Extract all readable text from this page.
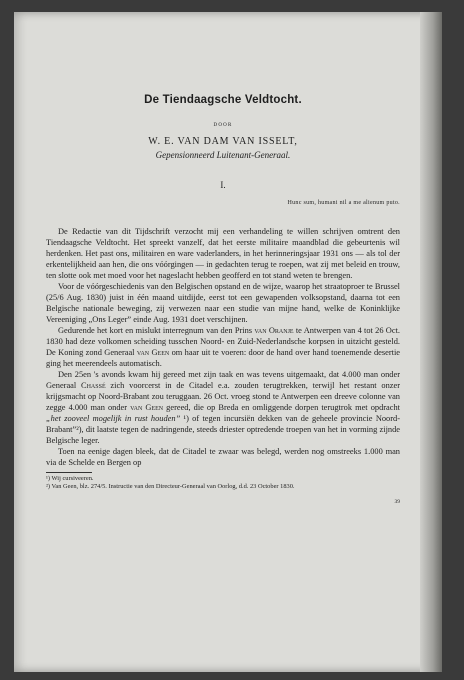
De Tiendaagsche Veldtocht.
DOOR
W. E. VAN DAM VAN ISSELT,
Gepensionneerd Luitenant-Generaal.
I.
Hunc sum, humani nil a me alienum puto.

De Redactie van dit Tijdschrift verzocht mij een verhandeling te willen schrijven omtrent den Tiendaagsche Veldtocht. Het spreekt vanzelf, dat het eerste militaire maandblad die gebeurtenis wil herdenken. Het past ons, militairen en ware vaderlanders, in het herinneringsjaar 1931 ons — als tol der erkentelijkheid aan hen, die ons vóórgingen — in gedachten terug te roepen, wat zij met beleid en trouw, ten slotte ook met moed voor het nageslacht hebben geofferd en tot stand weten te brengen.

Voor de vóórgeschiedenis van den Belgischen opstand en de wijze, waarop het straatoproer te Brussel (25/6 Aug. 1830) juist in één maand uitdijde, eerst tot een gewapenden volksopstand, daarna tot een Belgische nationale beweging, zij verwezen naar een studie van mijne hand, welke de Koninklijke Vereeniging „Ons Leger” einde Aug. 1931 doet verschijnen.

Gedurende het kort en mislukt interregnum van den Prins van Oranje te Antwerpen van 4 tot 26 Oct. 1830 had deze volkomen scheiding tusschen Noord- en Zuid-Nederlandsche korpsen in uitzicht gesteld. De Koning zond Generaal van Geen om haar uit te voeren: door de hand over hand toenemende desertie ging het meerendeels automatisch.

Den 25en 's avonds kwam hij gereed met zijn taak en was tevens uitgemaakt, dat 4.000 man onder Generaal Chassé zich voorcerst in de Citadel e.a. zouden terugtrekken, terwijl het restant onzer krijgsmacht op Noord-Brabant zou teruggaan. 26 Oct. vroeg stond te Antwerpen een dreeve colonne van zegge 4.000 man onder van Geen gereed, die op Breda en omliggende dorpen terugtrok met opdracht „het zooveel mogelijk in rust houden” ¹) of tegen incursiën dekken van de geheele provincie Noord-Brabant”²), dit laatste tegen de nadringende, steeds driester optredende troepen van het in vorming zijnde Belgische leger.

Toen na eenige dagen bleek, dat de Citadel te zwaar was belegd, werden nog omstreeks 1.000 man via de Schelde en Bergen op

¹) Wij cursiveeren.
²) Van Geen, blz. 274/5. Instructie van den Directeur-Generaal van Oorlog, d.d. 23 October 1830.
39
